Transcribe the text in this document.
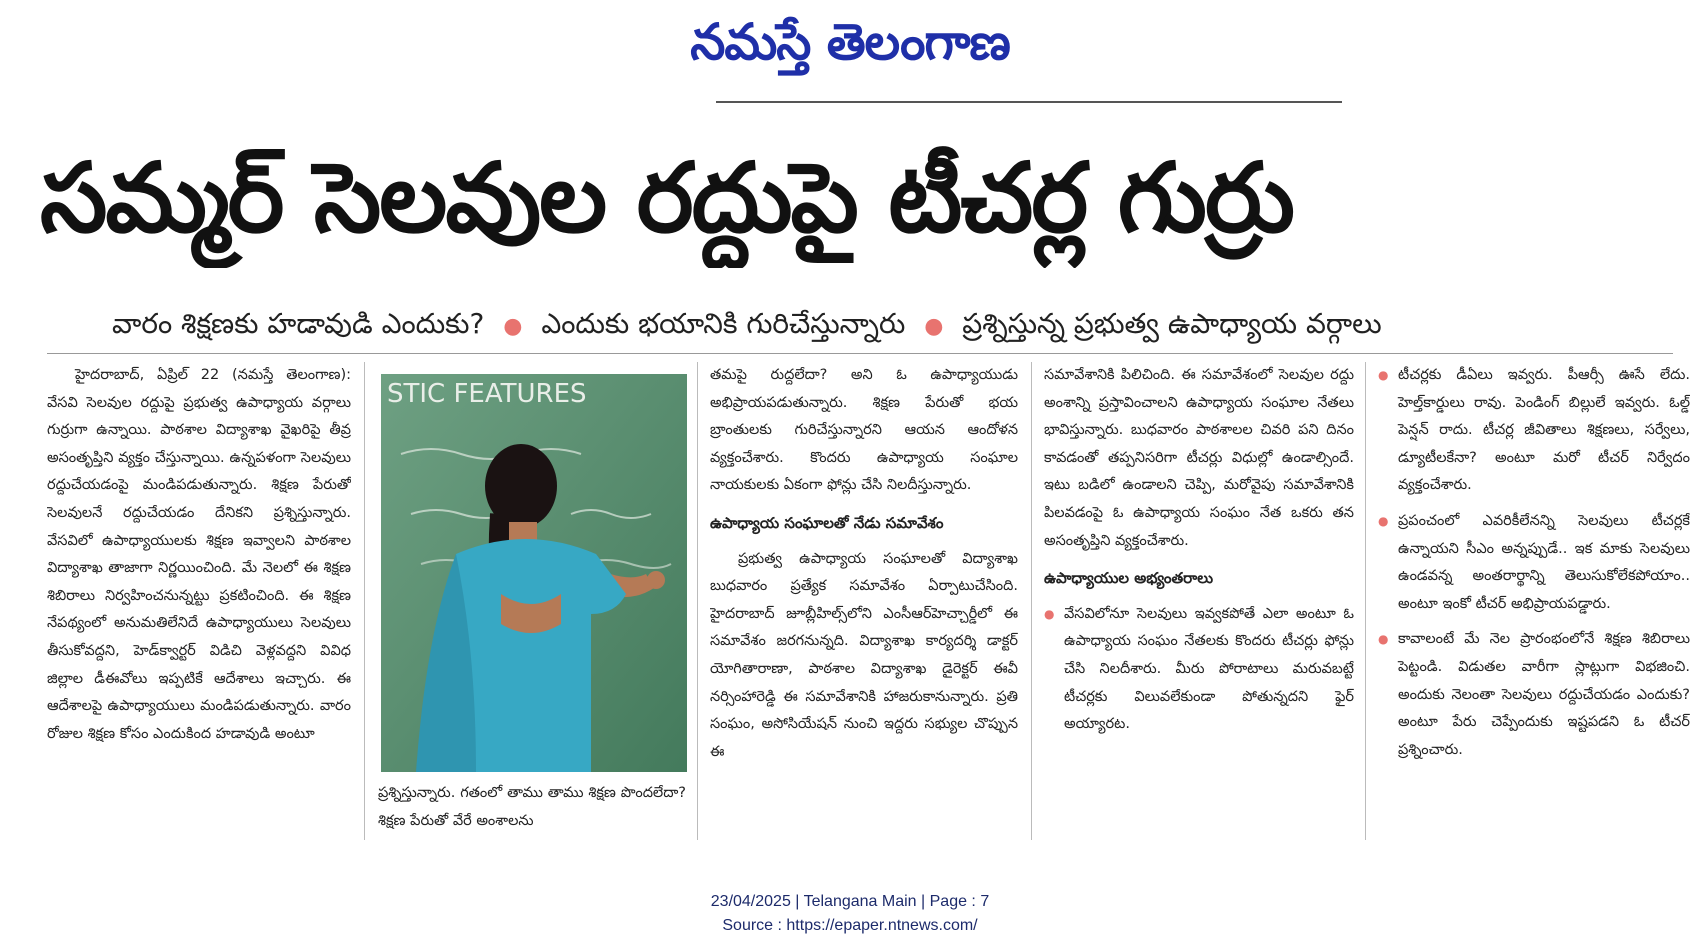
నమస్తే తెలంగాణ
సమ్మర్ సెలవుల రద్దుపై టీచర్ల గుర్రు
వారం శిక్షణకు హడావుడి ఎందుకు? ● ఎందుకు భయానికి గురిచేస్తున్నారు ● ప్రశ్నిస్తున్న ప్రభుత్వ ఉపాధ్యాయ వర్గాలు

హైదరాబాద్, ఏప్రిల్ 22 (నమస్తే తెలంగాణ): వేసవి సెలవుల రద్దుపై ప్రభుత్వ ఉపాధ్యాయ వర్గాలు గుర్రుగా ఉన్నాయి. పాఠశాల విద్యాశాఖ వైఖరిపై తీవ్ర అసంతృప్తిని వ్యక్తం చేస్తున్నాయి. ఉన్నపళంగా సెలవులు రద్దుచేయడంపై మండిపడుతున్నారు. శిక్షణ పేరుతో సెలవులనే రద్దుచేయడం దేనికని ప్రశ్నిస్తున్నారు. వేసవిలో ఉపాధ్యాయులకు శిక్షణ ఇవ్వాలని పాఠశాల విద్యాశాఖ తాజాగా నిర్ణయించింది. మే నెలలో ఈ శిక్షణ శిబిరాలు నిర్వహించనున్నట్టు ప్రకటించింది. ఈ శిక్షణ నేపథ్యంలో అనుమతిలేనిదే ఉపాధ్యాయులు సెలవులు తీసుకోవద్దని, హెడ్‌క్వార్టర్ విడిచి వెళ్లవద్దని వివిధ జిల్లాల డీఈవోలు ఇప్పటికే ఆదేశాలు ఇచ్చారు. ఈ ఆదేశాలపై ఉపాధ్యాయులు మండిపడుతున్నారు. వారం రోజుల శిక్షణ కోసం ఎందుకింద హడావుడి అంటూ

STIC FEATURES

ప్రశ్నిస్తున్నారు. గతంలో తాము తాము శిక్షణ పొందలేదా? శిక్షణ పేరుతో వేరే అంశాలను

తమపై రుద్దలేదా? అని ఓ ఉపాధ్యాయుడు అభిప్రాయపడుతున్నారు. శిక్షణ పేరుతో భయ బ్రాంతులకు గురిచేస్తున్నారని ఆయన ఆందోళన వ్యక్తంచేశారు. కొందరు ఉపాధ్యాయ సంఘాల నాయకులకు ఏకంగా ఫోన్లు చేసి నిలదీస్తున్నారు.

ఉపాధ్యాయ సంఘాలతో నేడు సమావేశం

ప్రభుత్వ ఉపాధ్యాయ సంఘాలతో విద్యాశాఖ బుధవారం ప్రత్యేక సమావేశం ఏర్పాటుచేసింది. హైదరాబాద్ జూబ్లీహిల్స్‌లోని ఎంసీఆర్‌హెచ్చార్డీలో ఈ సమావేశం జరగనున్నది. విద్యాశాఖ కార్యదర్శి డాక్టర్ యోగితారాణా, పాఠశాల విద్యాశాఖ డైరెక్టర్ ఈవీ నర్సింహారెడ్డి ఈ సమావేశానికి హాజరుకానున్నారు. ప్రతి సంఘం, అసోసియేషన్ నుంచి ఇద్దరు సభ్యుల చొప్పున ఈ

సమావేశానికి పిలిచింది. ఈ సమావేశంలో సెలవుల రద్దు అంశాన్ని ప్రస్తావించాలని ఉపాధ్యాయ సంఘాల నేతలు భావిస్తున్నారు. బుధవారం పాఠశాలల చివరి పని దినం కావడంతో తప్పనిసరిగా టీచర్లు విధుల్లో ఉండాల్సిందే. ఇటు బడిలో ఉండాలని చెప్పి, మరోవైపు సమావేశానికి పిలవడంపై ఓ ఉపాధ్యాయ సంఘం నేత ఒకరు తన అసంతృప్తిని వ్యక్తంచేశారు.

ఉపాధ్యాయుల అభ్యంతరాలు
● వేసవిలోనూ సెలవులు ఇవ్వకపోతే ఎలా అంటూ ఓ ఉపాధ్యాయ సంఘం నేతలకు కొందరు టీచర్లు ఫోన్లు చేసి నిలదీశారు. మీరు పోరాటాలు మరువబట్టే టీచర్లకు విలువలేకుండా పోతున్నదని ఫైర్ అయ్యారట.
● టీచర్లకు డీఏలు ఇవ్వరు. పీఆర్సీ ఊసే లేదు. హెల్త్‌కార్డులు రావు. పెండింగ్ బిల్లులే ఇవ్వరు. ఓల్డ్ పెన్షన్ రాదు. టీచర్ల జీవితాలు శిక్షణలు, సర్వేలు, డ్యూటీలకేనా? అంటూ మరో టీచర్ నిర్వేదం వ్యక్తంచేశారు.
● ప్రపంచంలో ఎవరికీలేనన్ని సెలవులు టీచర్లకే ఉన్నాయని సీఎం అన్నప్పుడే.. ఇక మాకు సెలవులు ఉండవన్న అంతరార్థాన్ని తెలుసుకోలేకపోయాం.. అంటూ ఇంకో టీచర్ అభిప్రాయపడ్డారు.
● కావాలంటే మే నెల ప్రారంభంలోనే శిక్షణ శిబిరాలు పెట్టండి. విడుతల వారీగా స్లాట్లుగా విభజించి. అందుకు నెలంతా సెలవులు రద్దుచేయడం ఎందుకు? అంటూ పేరు చెప్పేందుకు ఇష్టపడని ఓ టీచర్ ప్రశ్నించారు.
23/04/2025 | Telangana Main | Page : 7
Source : https://epaper.ntnews.com/
